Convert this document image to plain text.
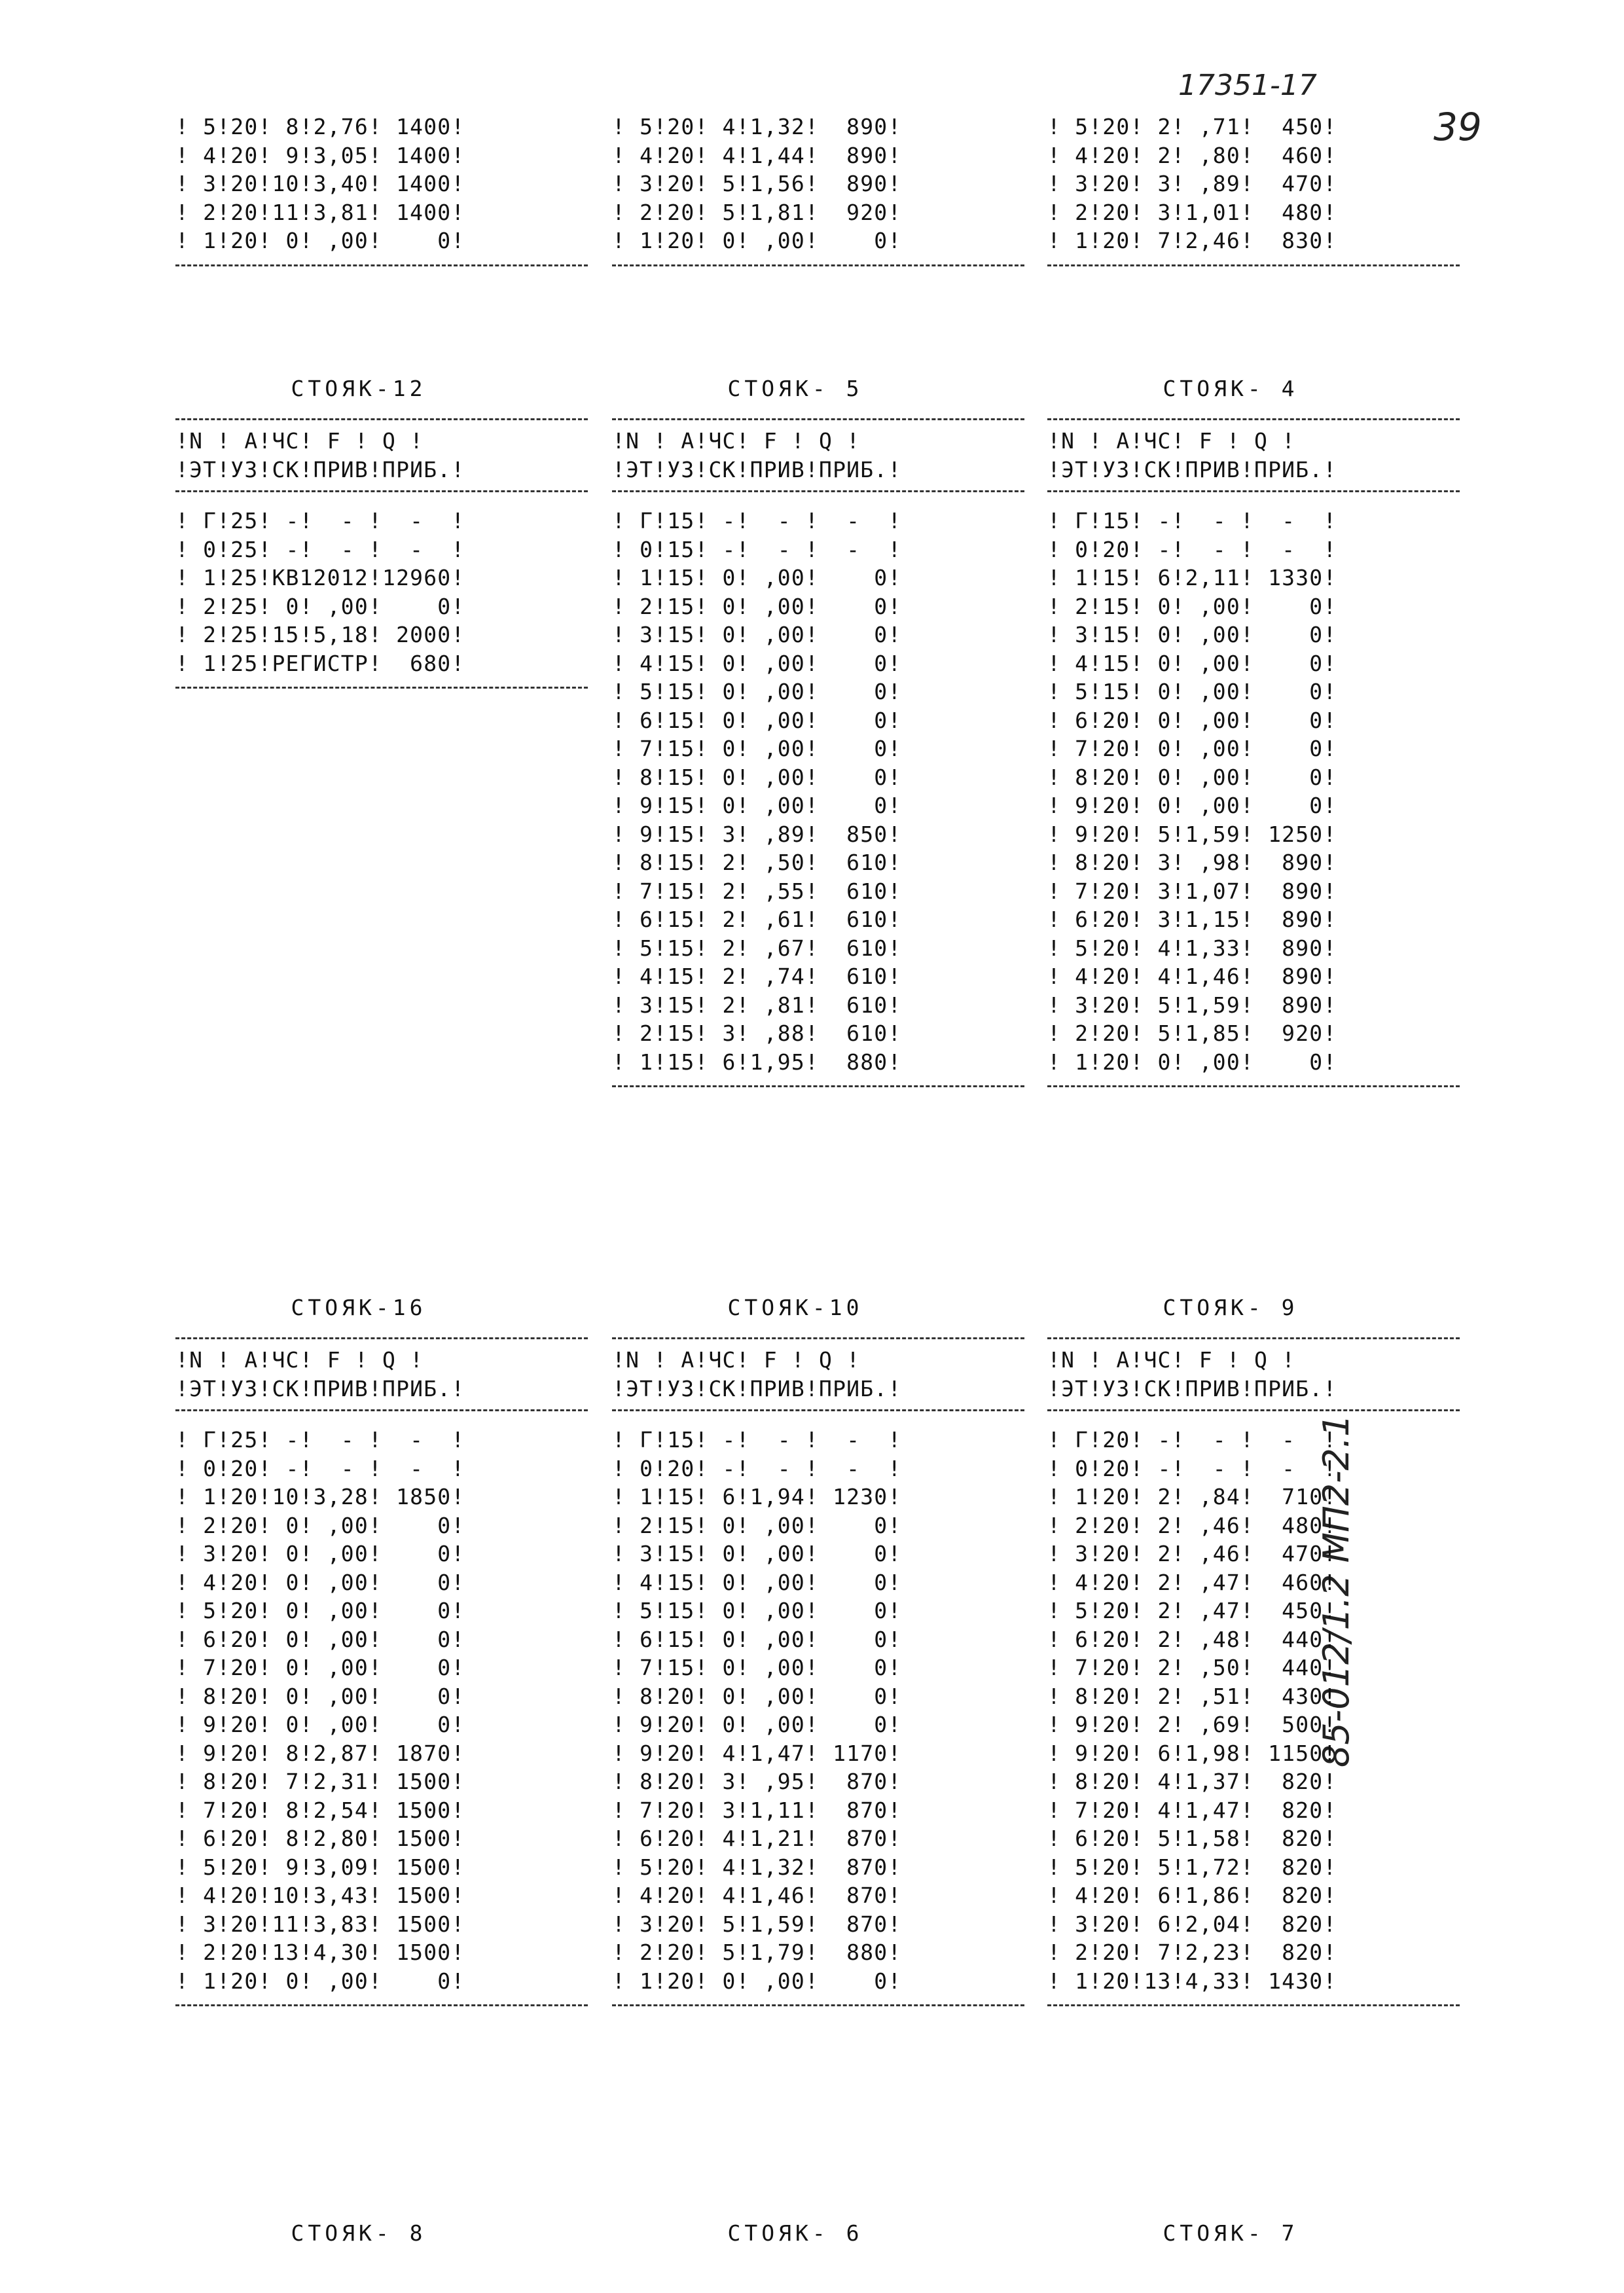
17351-17
39
85-012/1.2 МП2-2.1
! 5!20! 8!2,76! 1400!
! 4!20! 9!3,05! 1400!
! 3!20!10!3,40! 1400!
! 2!20!11!3,81! 1400!
! 1!20! 0! ,00!    0!
! 5!20! 4!1,32!  890!
! 4!20! 4!1,44!  890!
! 3!20! 5!1,56!  890!
! 2!20! 5!1,81!  920!
! 1!20! 0! ,00!    0!
! 5!20! 2! ,71!  450!
! 4!20! 2! ,80!  460!
! 3!20! 3! ,89!  470!
! 2!20! 3!1,01!  480!
! 1!20! 7!2,46!  830!
СТОЯК-12
!N ! А!ЧС! F ! Q !
!ЭТ!УЗ!СК!ПРИВ!ПРИБ.!
! Г!25! -!  - !  -  !
! 0!25! -!  - !  -  !
! 1!25!КВ12012!12960!
! 2!25! 0! ,00!    0!
! 2!25!15!5,18! 2000!
! 1!25!РЕГИСТР!  680!
СТОЯК- 5
!N ! А!ЧС! F ! Q !
!ЭТ!УЗ!СК!ПРИВ!ПРИБ.!
! Г!15! -!  - !  -  !
! 0!15! -!  - !  -  !
! 1!15! 0! ,00!    0!
! 2!15! 0! ,00!    0!
! 3!15! 0! ,00!    0!
! 4!15! 0! ,00!    0!
! 5!15! 0! ,00!    0!
! 6!15! 0! ,00!    0!
! 7!15! 0! ,00!    0!
! 8!15! 0! ,00!    0!
! 9!15! 0! ,00!    0!
! 9!15! 3! ,89!  850!
! 8!15! 2! ,50!  610!
! 7!15! 2! ,55!  610!
! 6!15! 2! ,61!  610!
! 5!15! 2! ,67!  610!
! 4!15! 2! ,74!  610!
! 3!15! 2! ,81!  610!
! 2!15! 3! ,88!  610!
! 1!15! 6!1,95!  880!
СТОЯК- 4
!N ! А!ЧС! F ! Q !
!ЭТ!УЗ!СК!ПРИВ!ПРИБ.!
! Г!15! -!  - !  -  !
! 0!20! -!  - !  -  !
! 1!15! 6!2,11! 1330!
! 2!15! 0! ,00!    0!
! 3!15! 0! ,00!    0!
! 4!15! 0! ,00!    0!
! 5!15! 0! ,00!    0!
! 6!20! 0! ,00!    0!
! 7!20! 0! ,00!    0!
! 8!20! 0! ,00!    0!
! 9!20! 0! ,00!    0!
! 9!20! 5!1,59! 1250!
! 8!20! 3! ,98!  890!
! 7!20! 3!1,07!  890!
! 6!20! 3!1,15!  890!
! 5!20! 4!1,33!  890!
! 4!20! 4!1,46!  890!
! 3!20! 5!1,59!  890!
! 2!20! 5!1,85!  920!
! 1!20! 0! ,00!    0!
СТОЯК-16
!N ! А!ЧС! F ! Q !
!ЭТ!УЗ!СК!ПРИВ!ПРИБ.!
! Г!25! -!  - !  -  !
! 0!20! -!  - !  -  !
! 1!20!10!3,28! 1850!
! 2!20! 0! ,00!    0!
! 3!20! 0! ,00!    0!
! 4!20! 0! ,00!    0!
! 5!20! 0! ,00!    0!
! 6!20! 0! ,00!    0!
! 7!20! 0! ,00!    0!
! 8!20! 0! ,00!    0!
! 9!20! 0! ,00!    0!
! 9!20! 8!2,87! 1870!
! 8!20! 7!2,31! 1500!
! 7!20! 8!2,54! 1500!
! 6!20! 8!2,80! 1500!
! 5!20! 9!3,09! 1500!
! 4!20!10!3,43! 1500!
! 3!20!11!3,83! 1500!
! 2!20!13!4,30! 1500!
! 1!20! 0! ,00!    0!
СТОЯК-10
!N ! А!ЧС! F ! Q !
!ЭТ!УЗ!СК!ПРИВ!ПРИБ.!
! Г!15! -!  - !  -  !
! 0!20! -!  - !  -  !
! 1!15! 6!1,94! 1230!
! 2!15! 0! ,00!    0!
! 3!15! 0! ,00!    0!
! 4!15! 0! ,00!    0!
! 5!15! 0! ,00!    0!
! 6!15! 0! ,00!    0!
! 7!15! 0! ,00!    0!
! 8!20! 0! ,00!    0!
! 9!20! 0! ,00!    0!
! 9!20! 4!1,47! 1170!
! 8!20! 3! ,95!  870!
! 7!20! 3!1,11!  870!
! 6!20! 4!1,21!  870!
! 5!20! 4!1,32!  870!
! 4!20! 4!1,46!  870!
! 3!20! 5!1,59!  870!
! 2!20! 5!1,79!  880!
! 1!20! 0! ,00!    0!
СТОЯК- 9
!N ! А!ЧС! F ! Q !
!ЭТ!УЗ!СК!ПРИВ!ПРИБ.!
! Г!20! -!  - !  -  !
! 0!20! -!  - !  -  !
! 1!20! 2! ,84!  710!
! 2!20! 2! ,46!  480!
! 3!20! 2! ,46!  470!
! 4!20! 2! ,47!  460!
! 5!20! 2! ,47!  450!
! 6!20! 2! ,48!  440!
! 7!20! 2! ,50!  440!
! 8!20! 2! ,51!  430!
! 9!20! 2! ,69!  500!
! 9!20! 6!1,98! 1150!
! 8!20! 4!1,37!  820!
! 7!20! 4!1,47!  820!
! 6!20! 5!1,58!  820!
! 5!20! 5!1,72!  820!
! 4!20! 6!1,86!  820!
! 3!20! 6!2,04!  820!
! 2!20! 7!2,23!  820!
! 1!20!13!4,33! 1430!
СТОЯК- 8	СТОЯК- 6	СТОЯК- 7
